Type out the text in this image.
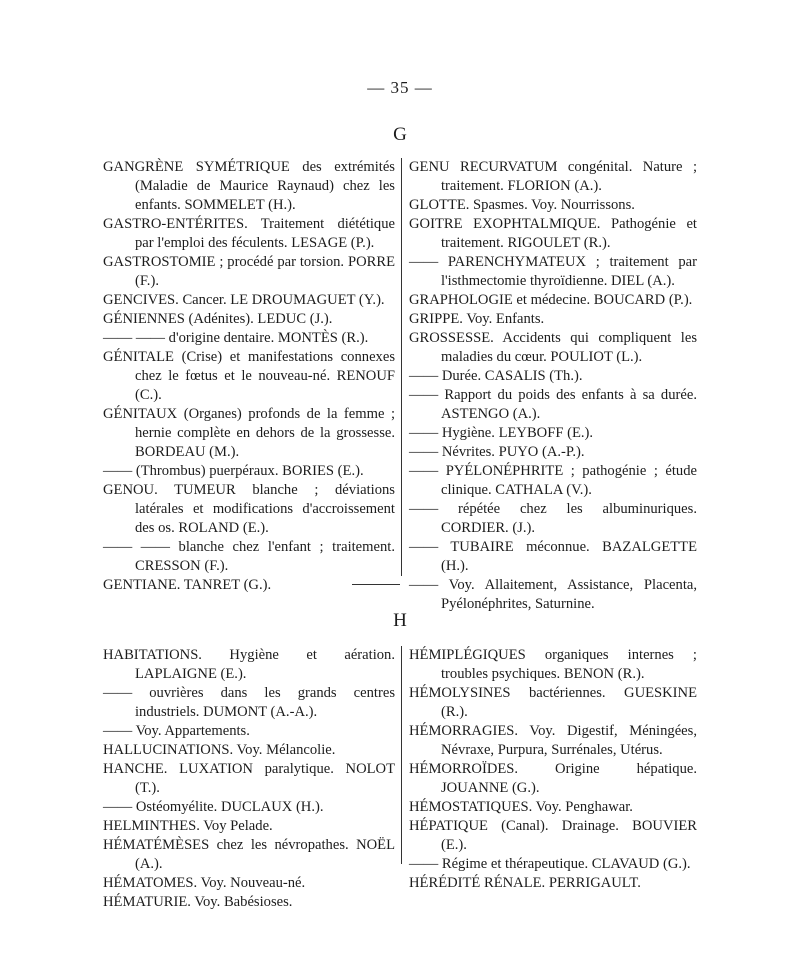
— 35 —
G
GANGRÈNE SYMÉTRIQUE des extrémités (Maladie de Maurice Raynaud) chez les enfants. SOMMELET (H.).
GASTRO-ENTÉRITES. Traitement diététique par l'emploi des féculents. LESAGE (P.).
GASTROSTOMIE ; procédé par torsion. PORRE (F.).
GENCIVES. Cancer. LE DROUMAGUET (Y.).
GÉNIENNES (Adénites). LEDUC (J.).
—— —— d'origine dentaire. MONTÈS (R.).
GÉNITALE (Crise) et manifestations connexes chez le fœtus et le nouveau-né. RENOUF (C.).
GÉNITAUX (Organes) profonds de la femme ; hernie complète en dehors de la grossesse. BORDEAU (M.).
—— (Thrombus) puerpéraux. BORIES (E.).
GENOU. TUMEUR blanche ; déviations latérales et modifications d'accroissement des os. ROLAND (E.).
—— —— blanche chez l'enfant ; traitement. CRESSON (F.).
GENTIANE. TANRET (G.).
GENU RECURVATUM congénital. Nature ; traitement. FLORION (A.).
GLOTTE. Spasmes. Voy. Nourrissons.
GOITRE EXOPHTALMIQUE. Pathogénie et traitement. RIGOULET (R.).
—— PARENCHYMATEUX ; traitement par l'isthmectomie thyroïdienne. DIEL (A.).
GRAPHOLOGIE et médecine. BOUCARD (P.).
GRIPPE. Voy. Enfants.
GROSSESSE. Accidents qui compliquent les maladies du cœur. POULIOT (L.).
—— Durée. CASALIS (Th.).
—— Rapport du poids des enfants à sa durée. ASTENGO (A.).
—— Hygiène. LEYBOFF (E.).
—— Névrites. PUYO (A.-P.).
—— PYÉLONÉPHRITE ; pathogénie ; étude clinique. CATHALA (V.).
—— répétée chez les albuminuriques. CORDIER. (J.).
—— TUBAIRE méconnue. BAZALGETTE (H.).
—— Voy. Allaitement, Assistance, Placenta, Pyélonéphrites, Saturnine.
H
HABITATIONS. Hygiène et aération. LAPLAIGNE (E.).
—— ouvrières dans les grands centres industriels. DUMONT (A.-A.).
—— Voy. Appartements.
HALLUCINATIONS. Voy. Mélancolie.
HANCHE. LUXATION paralytique. NOLOT (T.).
—— Ostéomyélite. DUCLAUX (H.).
HELMINTHES. Voy Pelade.
HÉMATÉMÈSES chez les névropathes. NOËL (A.).
HÉMATOMES. Voy. Nouveau-né.
HÉMATURIE. Voy. Babésioses.
HÉMIPLÉGIQUES organiques internes ; troubles psychiques. BENON (R.).
HÉMOLYSINES bactériennes. GUESKINE (R.).
HÉMORRAGIES. Voy. Digestif, Méningées, Névraxe, Purpura, Surrénales, Utérus.
HÉMORROÏDES. Origine hépatique. JOUANNE (G.).
HÉMOSTATIQUES. Voy. Penghawar.
HÉPATIQUE (Canal). Drainage. BOUVIER (E.).
—— Régime et thérapeutique. CLAVAUD (G.).
HÉRÉDITÉ RÉNALE. PERRIGAULT.
